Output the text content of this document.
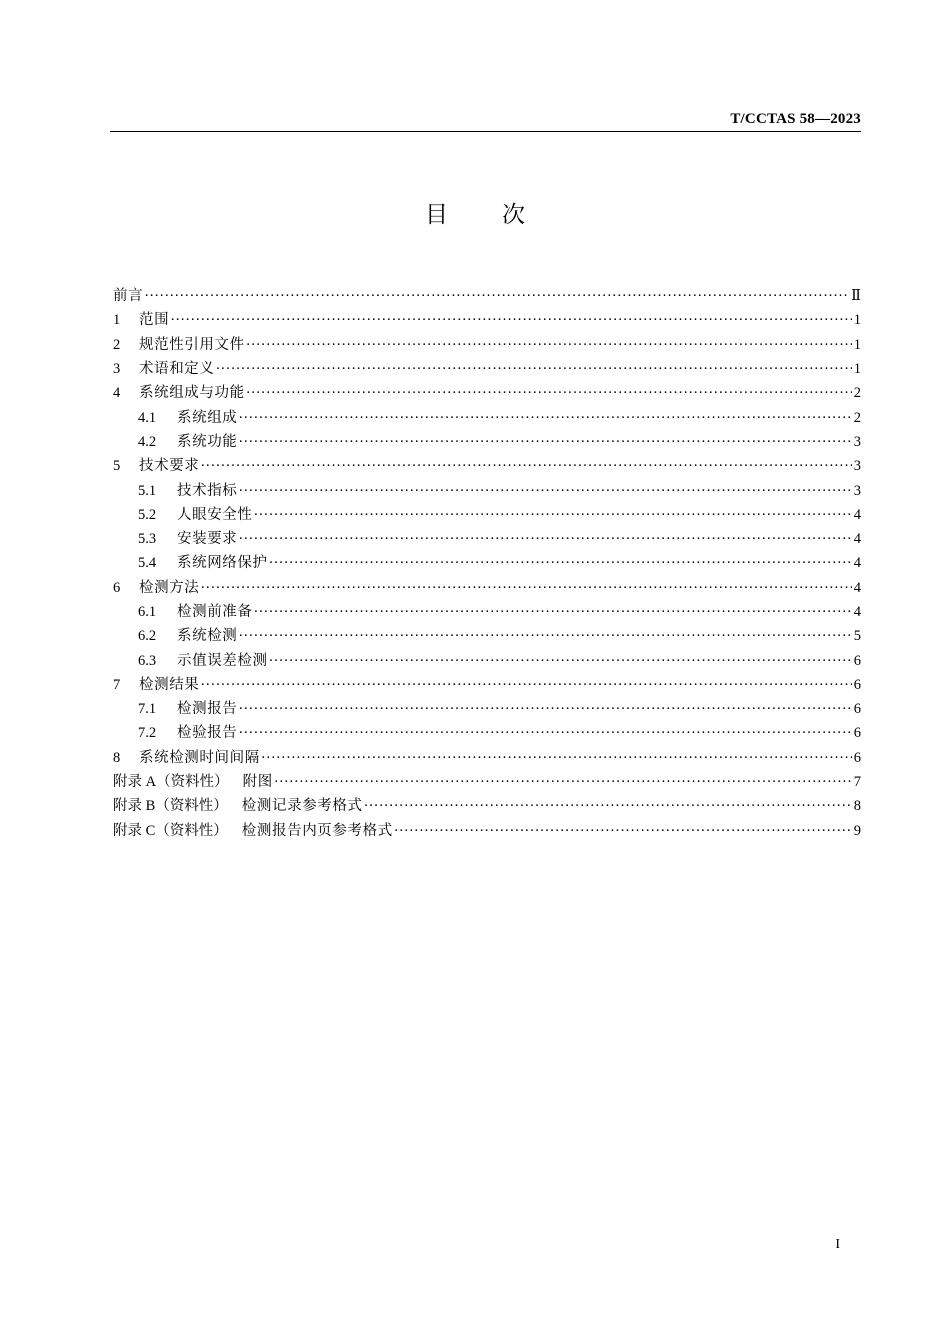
T/CCTAS 58—2023
目 次
前言 ·····	Ⅱ
1	范围 ·····	1
2	规范性引用文件 ·····	1
3	术语和定义 ·····	1
4	系统组成与功能 ·····	2
4.1	系统组成 ·····	2
4.2	系统功能 ·····	3
5	技术要求 ·····	3
5.1	技术指标 ·····	3
5.2	人眼安全性 ·····	4
5.3	安装要求 ·····	4
5.4	系统网络保护 ·····	4
6	检测方法 ·····	4
6.1	检测前准备 ·····	4
6.2	系统检测 ·····	5
6.3	示值误差检测 ·····	6
7	检测结果 ·····	6
7.1	检测报告 ·····	6
7.2	检验报告 ·····	6
8	系统检测时间间隔 ·····	6
附录 A（资料性） 附图 ·····	7
附录 B（资料性） 检测记录参考格式 ·····	8
附录 C（资料性） 检测报告内页参考格式 ·····	9
I
